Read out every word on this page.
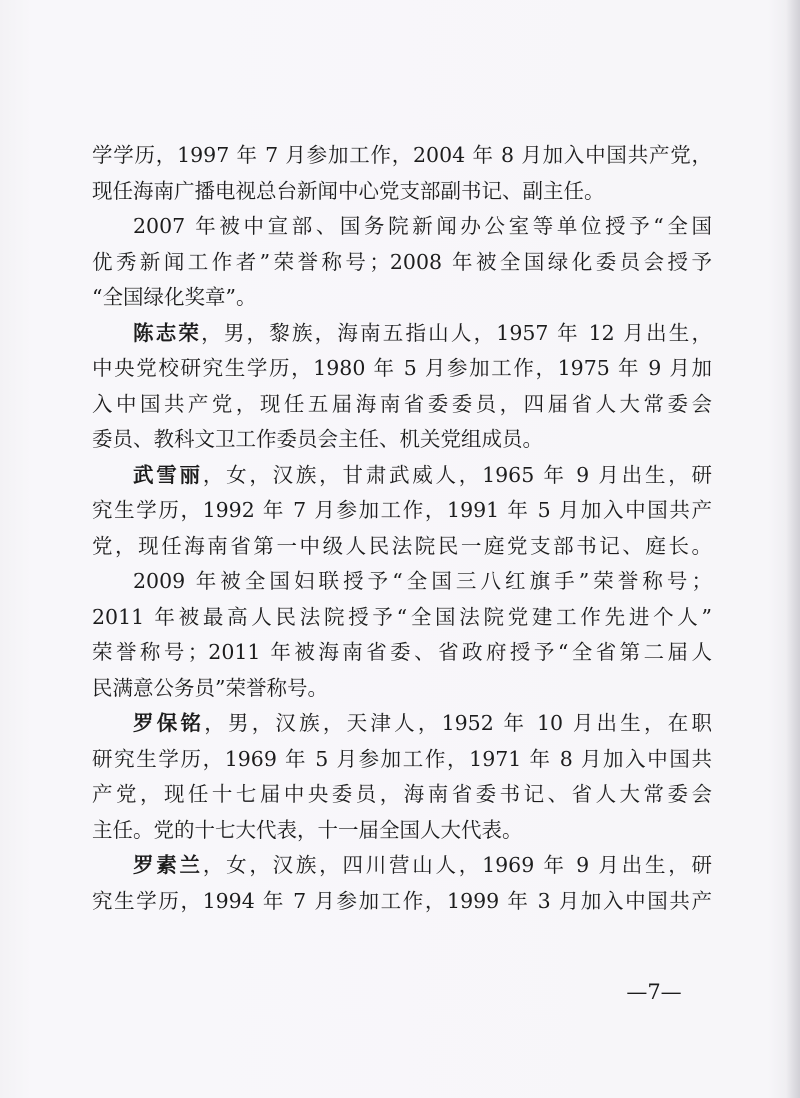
学学历，1997 年 7 月参加工作，2004 年 8 月加入中国共产党，
现任海南广播电视总台新闻中心党支部副书记、副主任。
2007 年被中宣部、国务院新闻办公室等单位授予“全国
优秀新闻工作者”荣誉称号；2008 年被全国绿化委员会授予
“全国绿化奖章”。
陈志荣，男，黎族，海南五指山人，1957 年 12 月出生，
中央党校研究生学历，1980 年 5 月参加工作，1975 年 9 月加
入中国共产党，现任五届海南省委委员，四届省人大常委会
委员、教科文卫工作委员会主任、机关党组成员。
武雪丽，女，汉族，甘肃武威人，1965 年 9 月出生，研
究生学历，1992 年 7 月参加工作，1991 年 5 月加入中国共产
党，现任海南省第一中级人民法院民一庭党支部书记、庭长。
2009 年被全国妇联授予“全国三八红旗手”荣誉称号；
2011 年被最高人民法院授予“全国法院党建工作先进个人”
荣誉称号；2011 年被海南省委、省政府授予“全省第二届人
民满意公务员”荣誉称号。
罗保铭，男，汉族，天津人，1952 年 10 月出生，在职
研究生学历，1969 年 5 月参加工作，1971 年 8 月加入中国共
产党，现任十七届中央委员，海南省委书记、省人大常委会
主任。党的十七大代表，十一届全国人大代表。
罗素兰，女，汉族，四川营山人，1969 年 9 月出生，研
究生学历，1994 年 7 月参加工作，1999 年 3 月加入中国共产
—7—
